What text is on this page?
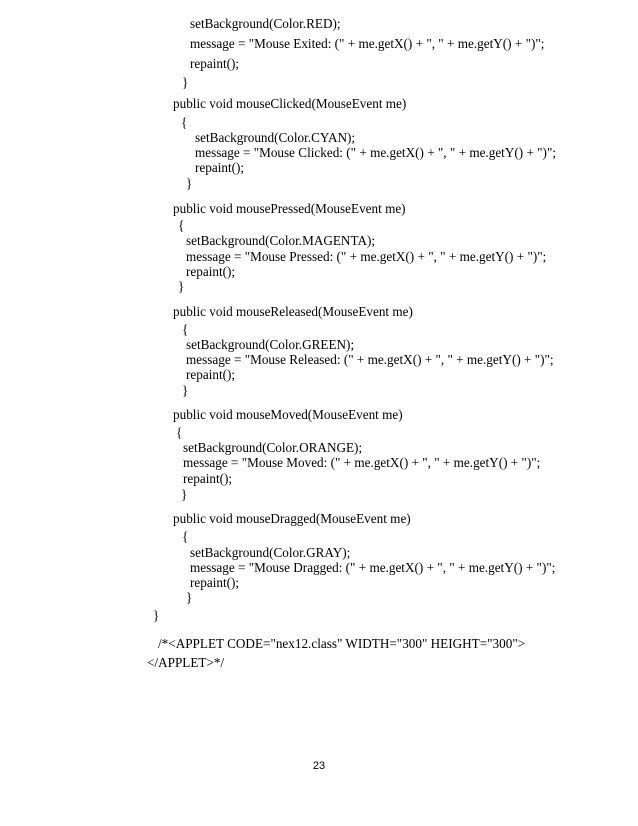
setBackground(Color.RED);
message = "Mouse Exited: (" + me.getX() + ", " + me.getY() + ")";
repaint();
}
public void mouseClicked(MouseEvent me)
{
setBackground(Color.CYAN);
message = "Mouse Clicked: (" + me.getX() + ", " + me.getY() + ")";
repaint();
}
public void mousePressed(MouseEvent me)
{
setBackground(Color.MAGENTA);
message = "Mouse Pressed: (" + me.getX() + ", " + me.getY() + ")";
repaint();
}
public void mouseReleased(MouseEvent me)
{
setBackground(Color.GREEN);
message = "Mouse Released: (" + me.getX() + ", " + me.getY() + ")";
repaint();
}
public void mouseMoved(MouseEvent me)
{
setBackground(Color.ORANGE);
message = "Mouse Moved: (" + me.getX() + ", " + me.getY() + ")";
repaint();
}
public void mouseDragged(MouseEvent me)
{
setBackground(Color.GRAY);
message = "Mouse Dragged: (" + me.getX() + ", " + me.getY() + ")";
repaint();
}
}
/*<APPLET CODE="nex12.class" WIDTH="300" HEIGHT="300">
</APPLET>*/
23
